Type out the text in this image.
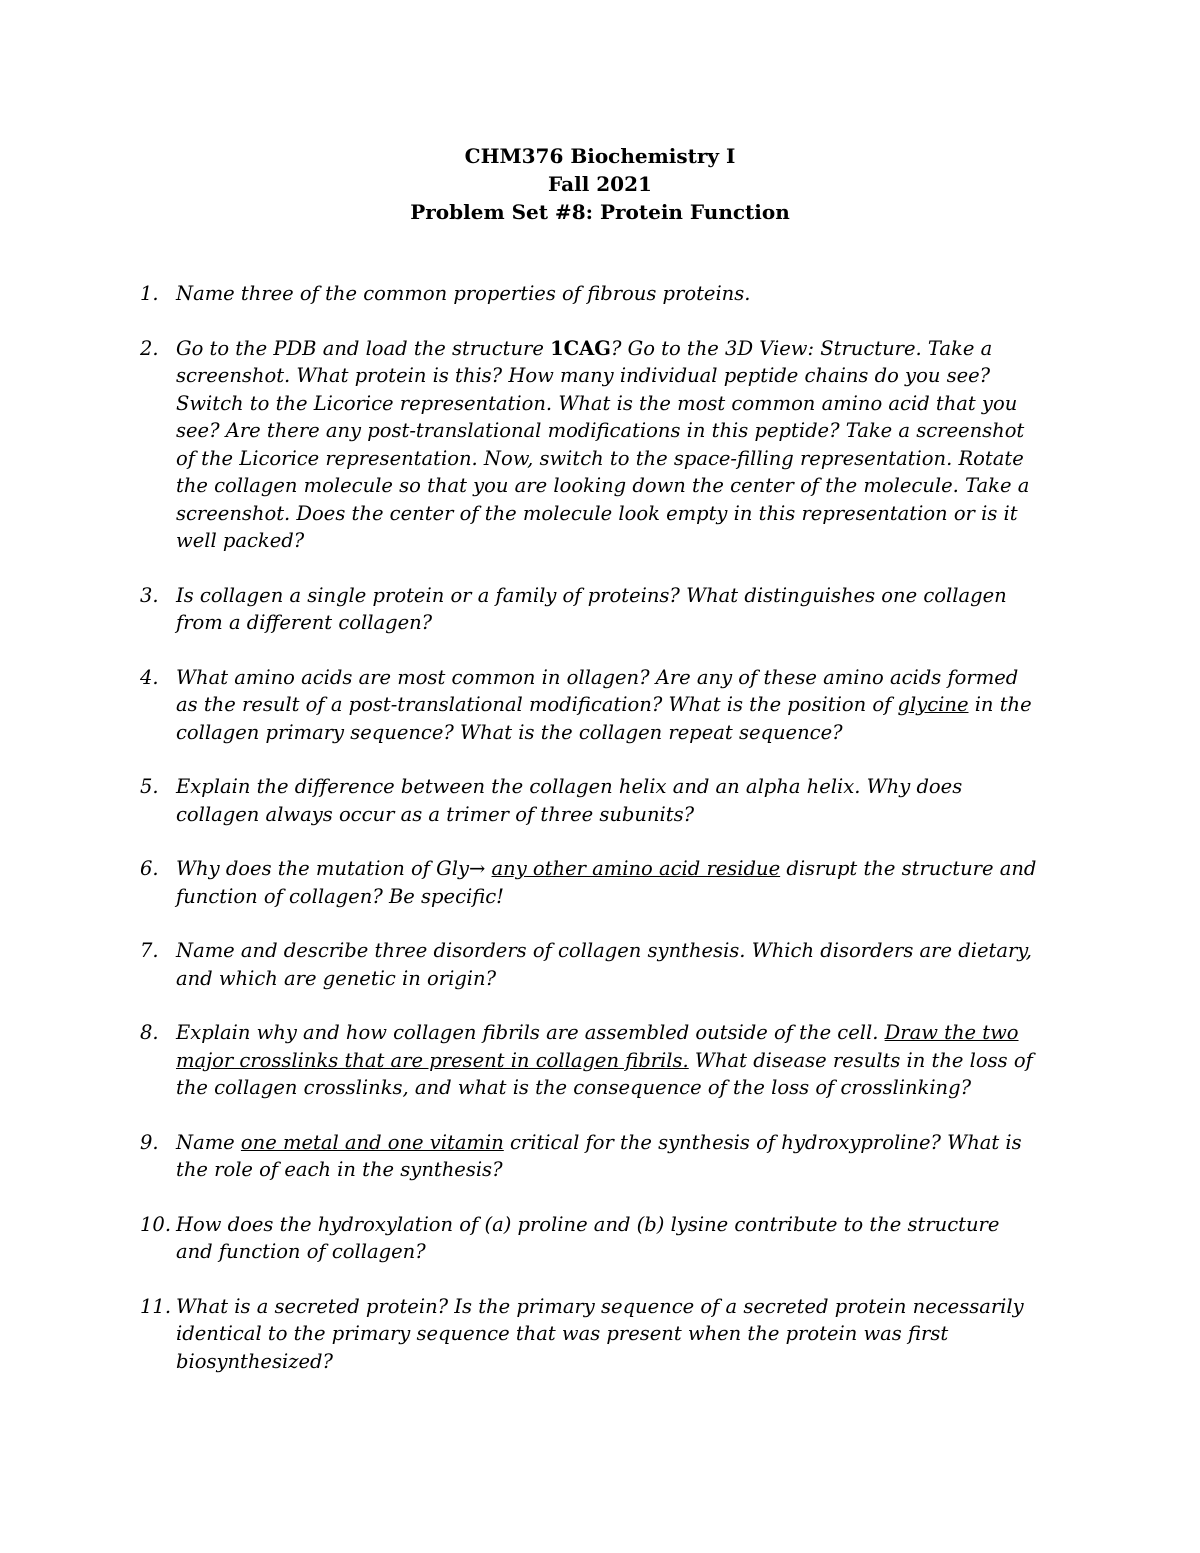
CHM376 Biochemistry I
Fall 2021
Problem Set #8: Protein Function
1. Name three of the common properties of fibrous proteins.
2. Go to the PDB and load the structure 1CAG? Go to the 3D View: Structure. Take a screenshot. What protein is this? How many individual peptide chains do you see? Switch to the Licorice representation. What is the most common amino acid that you see? Are there any post-translational modifications in this peptide? Take a screenshot of the Licorice representation. Now, switch to the space-filling representation. Rotate the collagen molecule so that you are looking down the center of the molecule. Take a screenshot. Does the center of the molecule look empty in this representation or is it well packed?
3. Is collagen a single protein or a family of proteins? What distinguishes one collagen from a different collagen?
4. What amino acids are most common in ollagen? Are any of these amino acids formed as the result of a post-translational modification? What is the position of glycine in the collagen primary sequence? What is the collagen repeat sequence?
5. Explain the difference between the collagen helix and an alpha helix. Why does collagen always occur as a trimer of three subunits?
6. Why does the mutation of Gly→ any other amino acid residue disrupt the structure and function of collagen? Be specific!
7. Name and describe three disorders of collagen synthesis. Which disorders are dietary, and which are genetic in origin?
8. Explain why and how collagen fibrils are assembled outside of the cell. Draw the two major crosslinks that are present in collagen fibrils. What disease results in the loss of the collagen crosslinks, and what is the consequence of the loss of crosslinking?
9. Name one metal and one vitamin critical for the synthesis of hydroxyproline? What is the role of each in the synthesis?
10. How does the hydroxylation of (a) proline and (b) lysine contribute to the structure and function of collagen?
11. What is a secreted protein? Is the primary sequence of a secreted protein necessarily identical to the primary sequence that was present when the protein was first biosynthesized?
